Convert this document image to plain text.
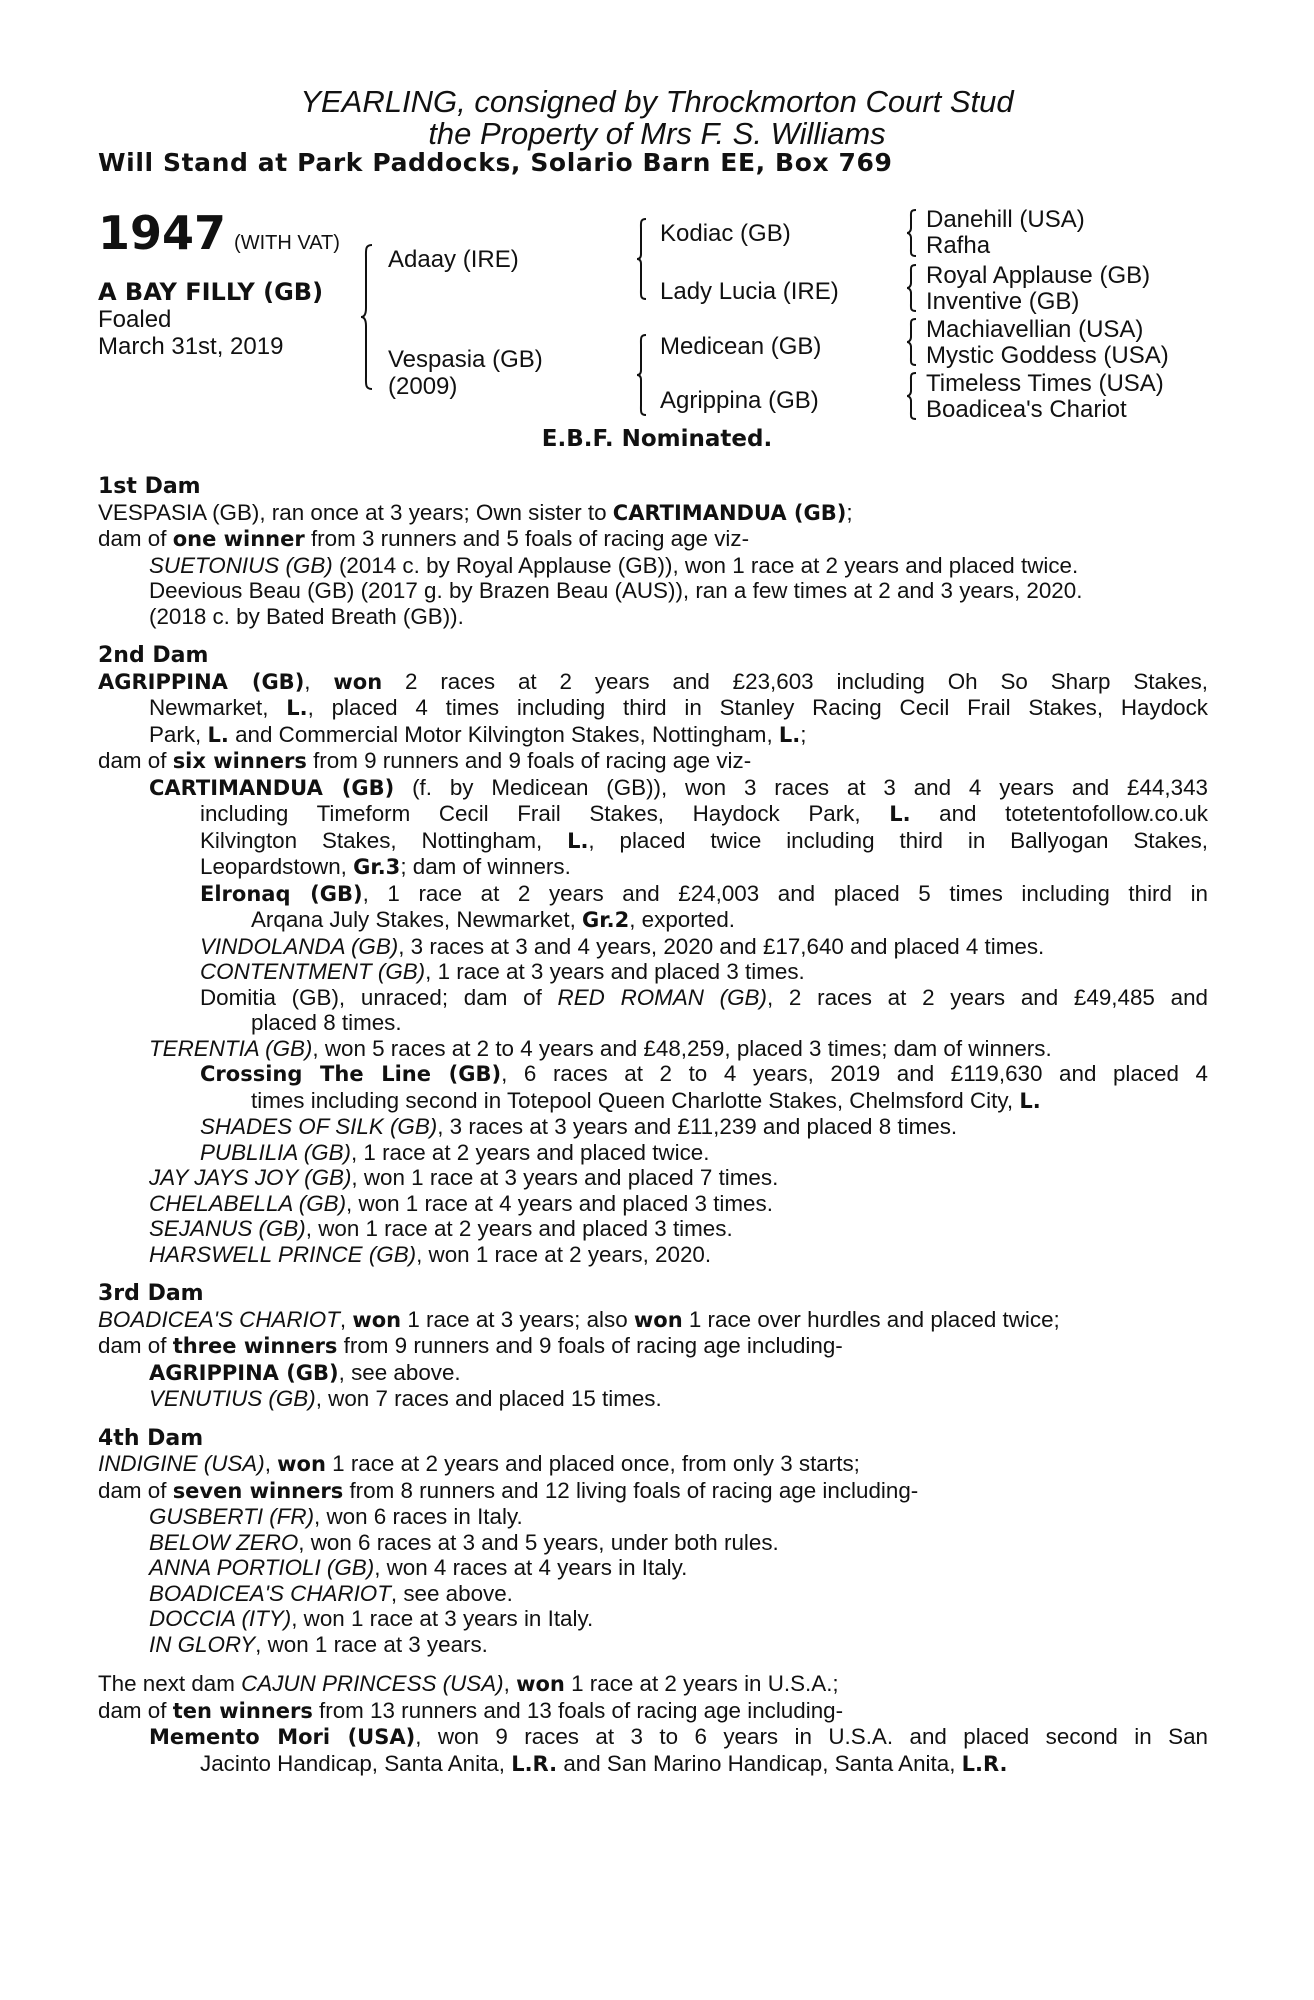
YEARLING, consigned by Throckmorton Court Stud
the Property of Mrs F. S. Williams
Will Stand at Park Paddocks, Solario Barn EE, Box 769
1947 (WITH VAT)
A BAY FILLY (GB)
Foaled
March 31st, 2019
Adaay (IRE)
Vespasia (GB)
(2009)
Kodiac (GB)
Lady Lucia (IRE)
Medicean (GB)
Agrippina (GB)
Danehill (USA)
Rafha
Royal Applause (GB)
Inventive (GB)
Machiavellian (USA)
Mystic Goddess (USA)
Timeless Times (USA)
Boadicea's Chariot
E.B.F. Nominated.
1st Dam
VESPASIA (GB), ran once at 3 years; Own sister to CARTIMANDUA (GB);
dam of one winner from 3 runners and 5 foals of racing age viz-
SUETONIUS (GB) (2014 c. by Royal Applause (GB)), won 1 race at 2 years and placed twice.
Deevious Beau (GB) (2017 g. by Brazen Beau (AUS)), ran a few times at 2 and 3 years, 2020.
(2018 c. by Bated Breath (GB)).
2nd Dam
AGRIPPINA (GB), won 2 races at 2 years and £23,603 including Oh So Sharp Stakes,
Newmarket, L., placed 4 times including third in Stanley Racing Cecil Frail Stakes, Haydock
Park, L. and Commercial Motor Kilvington Stakes, Nottingham, L.;
dam of six winners from 9 runners and 9 foals of racing age viz-
CARTIMANDUA (GB) (f. by Medicean (GB)), won 3 races at 3 and 4 years and £44,343
including Timeform Cecil Frail Stakes, Haydock Park, L. and totetentofollow.co.uk
Kilvington Stakes, Nottingham, L., placed twice including third in Ballyogan Stakes,
Leopardstown, Gr.3; dam of winners.
Elronaq (GB), 1 race at 2 years and £24,003 and placed 5 times including third in
Arqana July Stakes, Newmarket, Gr.2, exported.
VINDOLANDA (GB), 3 races at 3 and 4 years, 2020 and £17,640 and placed 4 times.
CONTENTMENT (GB), 1 race at 3 years and placed 3 times.
Domitia (GB), unraced; dam of RED ROMAN (GB), 2 races at 2 years and £49,485 and
placed 8 times.
TERENTIA (GB), won 5 races at 2 to 4 years and £48,259, placed 3 times; dam of winners.
Crossing The Line (GB), 6 races at 2 to 4 years, 2019 and £119,630 and placed 4
times including second in Totepool Queen Charlotte Stakes, Chelmsford City, L.
SHADES OF SILK (GB), 3 races at 3 years and £11,239 and placed 8 times.
PUBLILIA (GB), 1 race at 2 years and placed twice.
JAY JAYS JOY (GB), won 1 race at 3 years and placed 7 times.
CHELABELLA (GB), won 1 race at 4 years and placed 3 times.
SEJANUS (GB), won 1 race at 2 years and placed 3 times.
HARSWELL PRINCE (GB), won 1 race at 2 years, 2020.
3rd Dam
BOADICEA'S CHARIOT, won 1 race at 3 years; also won 1 race over hurdles and placed twice;
dam of three winners from 9 runners and 9 foals of racing age including-
AGRIPPINA (GB), see above.
VENUTIUS (GB), won 7 races and placed 15 times.
4th Dam
INDIGINE (USA), won 1 race at 2 years and placed once, from only 3 starts;
dam of seven winners from 8 runners and 12 living foals of racing age including-
GUSBERTI (FR), won 6 races in Italy.
BELOW ZERO, won 6 races at 3 and 5 years, under both rules.
ANNA PORTIOLI (GB), won 4 races at 4 years in Italy.
BOADICEA'S CHARIOT, see above.
DOCCIA (ITY), won 1 race at 3 years in Italy.
IN GLORY, won 1 race at 3 years.
The next dam CAJUN PRINCESS (USA), won 1 race at 2 years in U.S.A.;
dam of ten winners from 13 runners and 13 foals of racing age including-
Memento Mori (USA), won 9 races at 3 to 6 years in U.S.A. and placed second in San
Jacinto Handicap, Santa Anita, L.R. and San Marino Handicap, Santa Anita, L.R.
